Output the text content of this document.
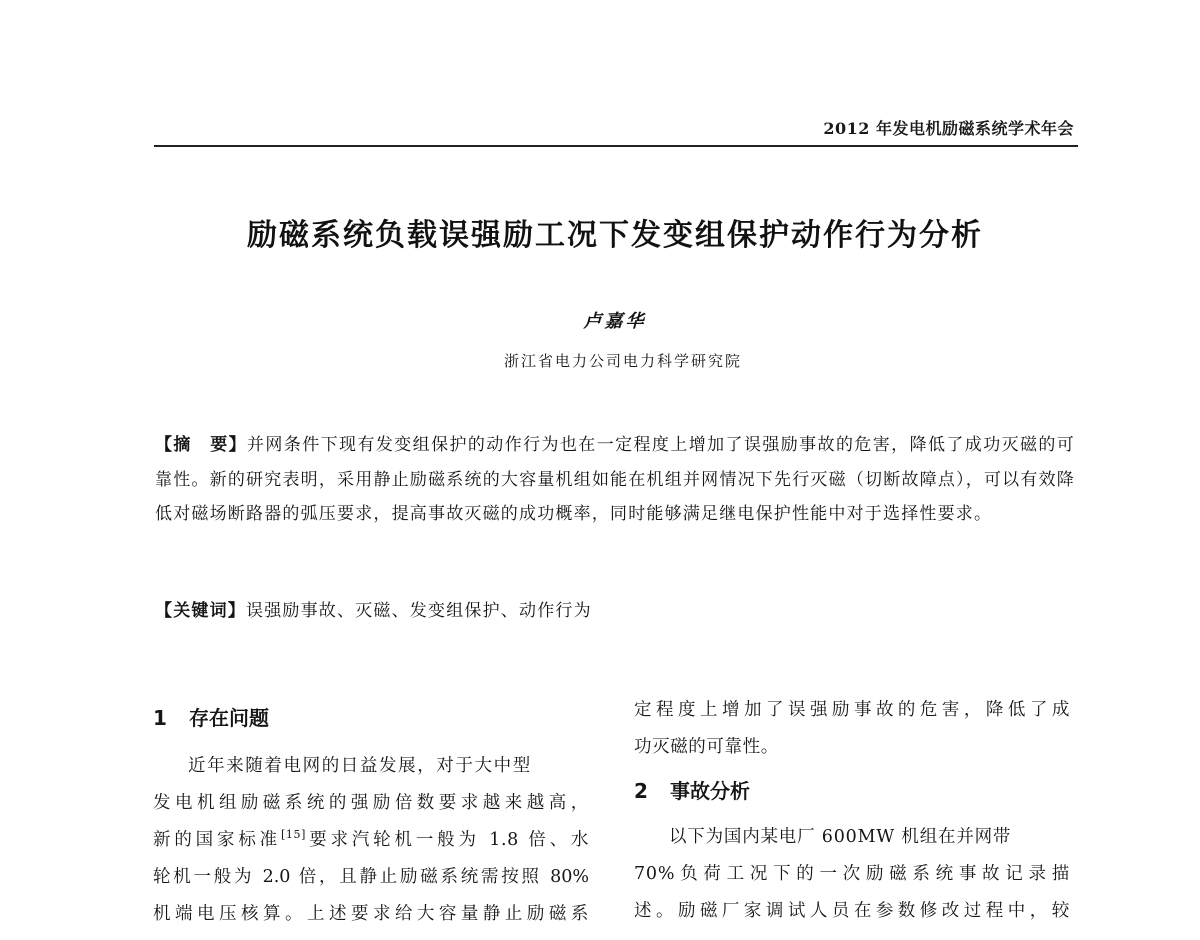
2012 年发电机励磁系统学术年会
励磁系统负载误强励工况下发变组保护动作行为分析
卢嘉华
浙江省电力公司电力科学研究院
【摘　要】并网条件下现有发变组保护的动作行为也在一定程度上增加了误强励事故的危害，降低了成功灭磁的可靠性。新的研究表明，采用静止励磁系统的大容量机组如能在机组并网情况下先行灭磁（切断故障点），可以有效降低对磁场断路器的弧压要求，提高事故灭磁的成功概率，同时能够满足继电保护性能中对于选择性要求。
【关键词】误强励事故、灭磁、发变组保护、动作行为
1 存在问题
近年来随着电网的日益发展，对于大中型
发电机组励磁系统的强励倍数要求越来越高，
新的国家标准[15]要求汽轮机一般为 1.8 倍、水
轮机一般为 2.0 倍，且静止励磁系统需按照 80%
机端电压核算。上述要求给大容量静止励磁系
定程度上增加了误强励事故的危害，降低了成
功灭磁的可靠性。
2 事故分析
以下为国内某电厂 600MW 机组在并网带
70%负荷工况下的一次励磁系统事故记录描
述。励磁厂家调试人员在参数修改过程中，较
